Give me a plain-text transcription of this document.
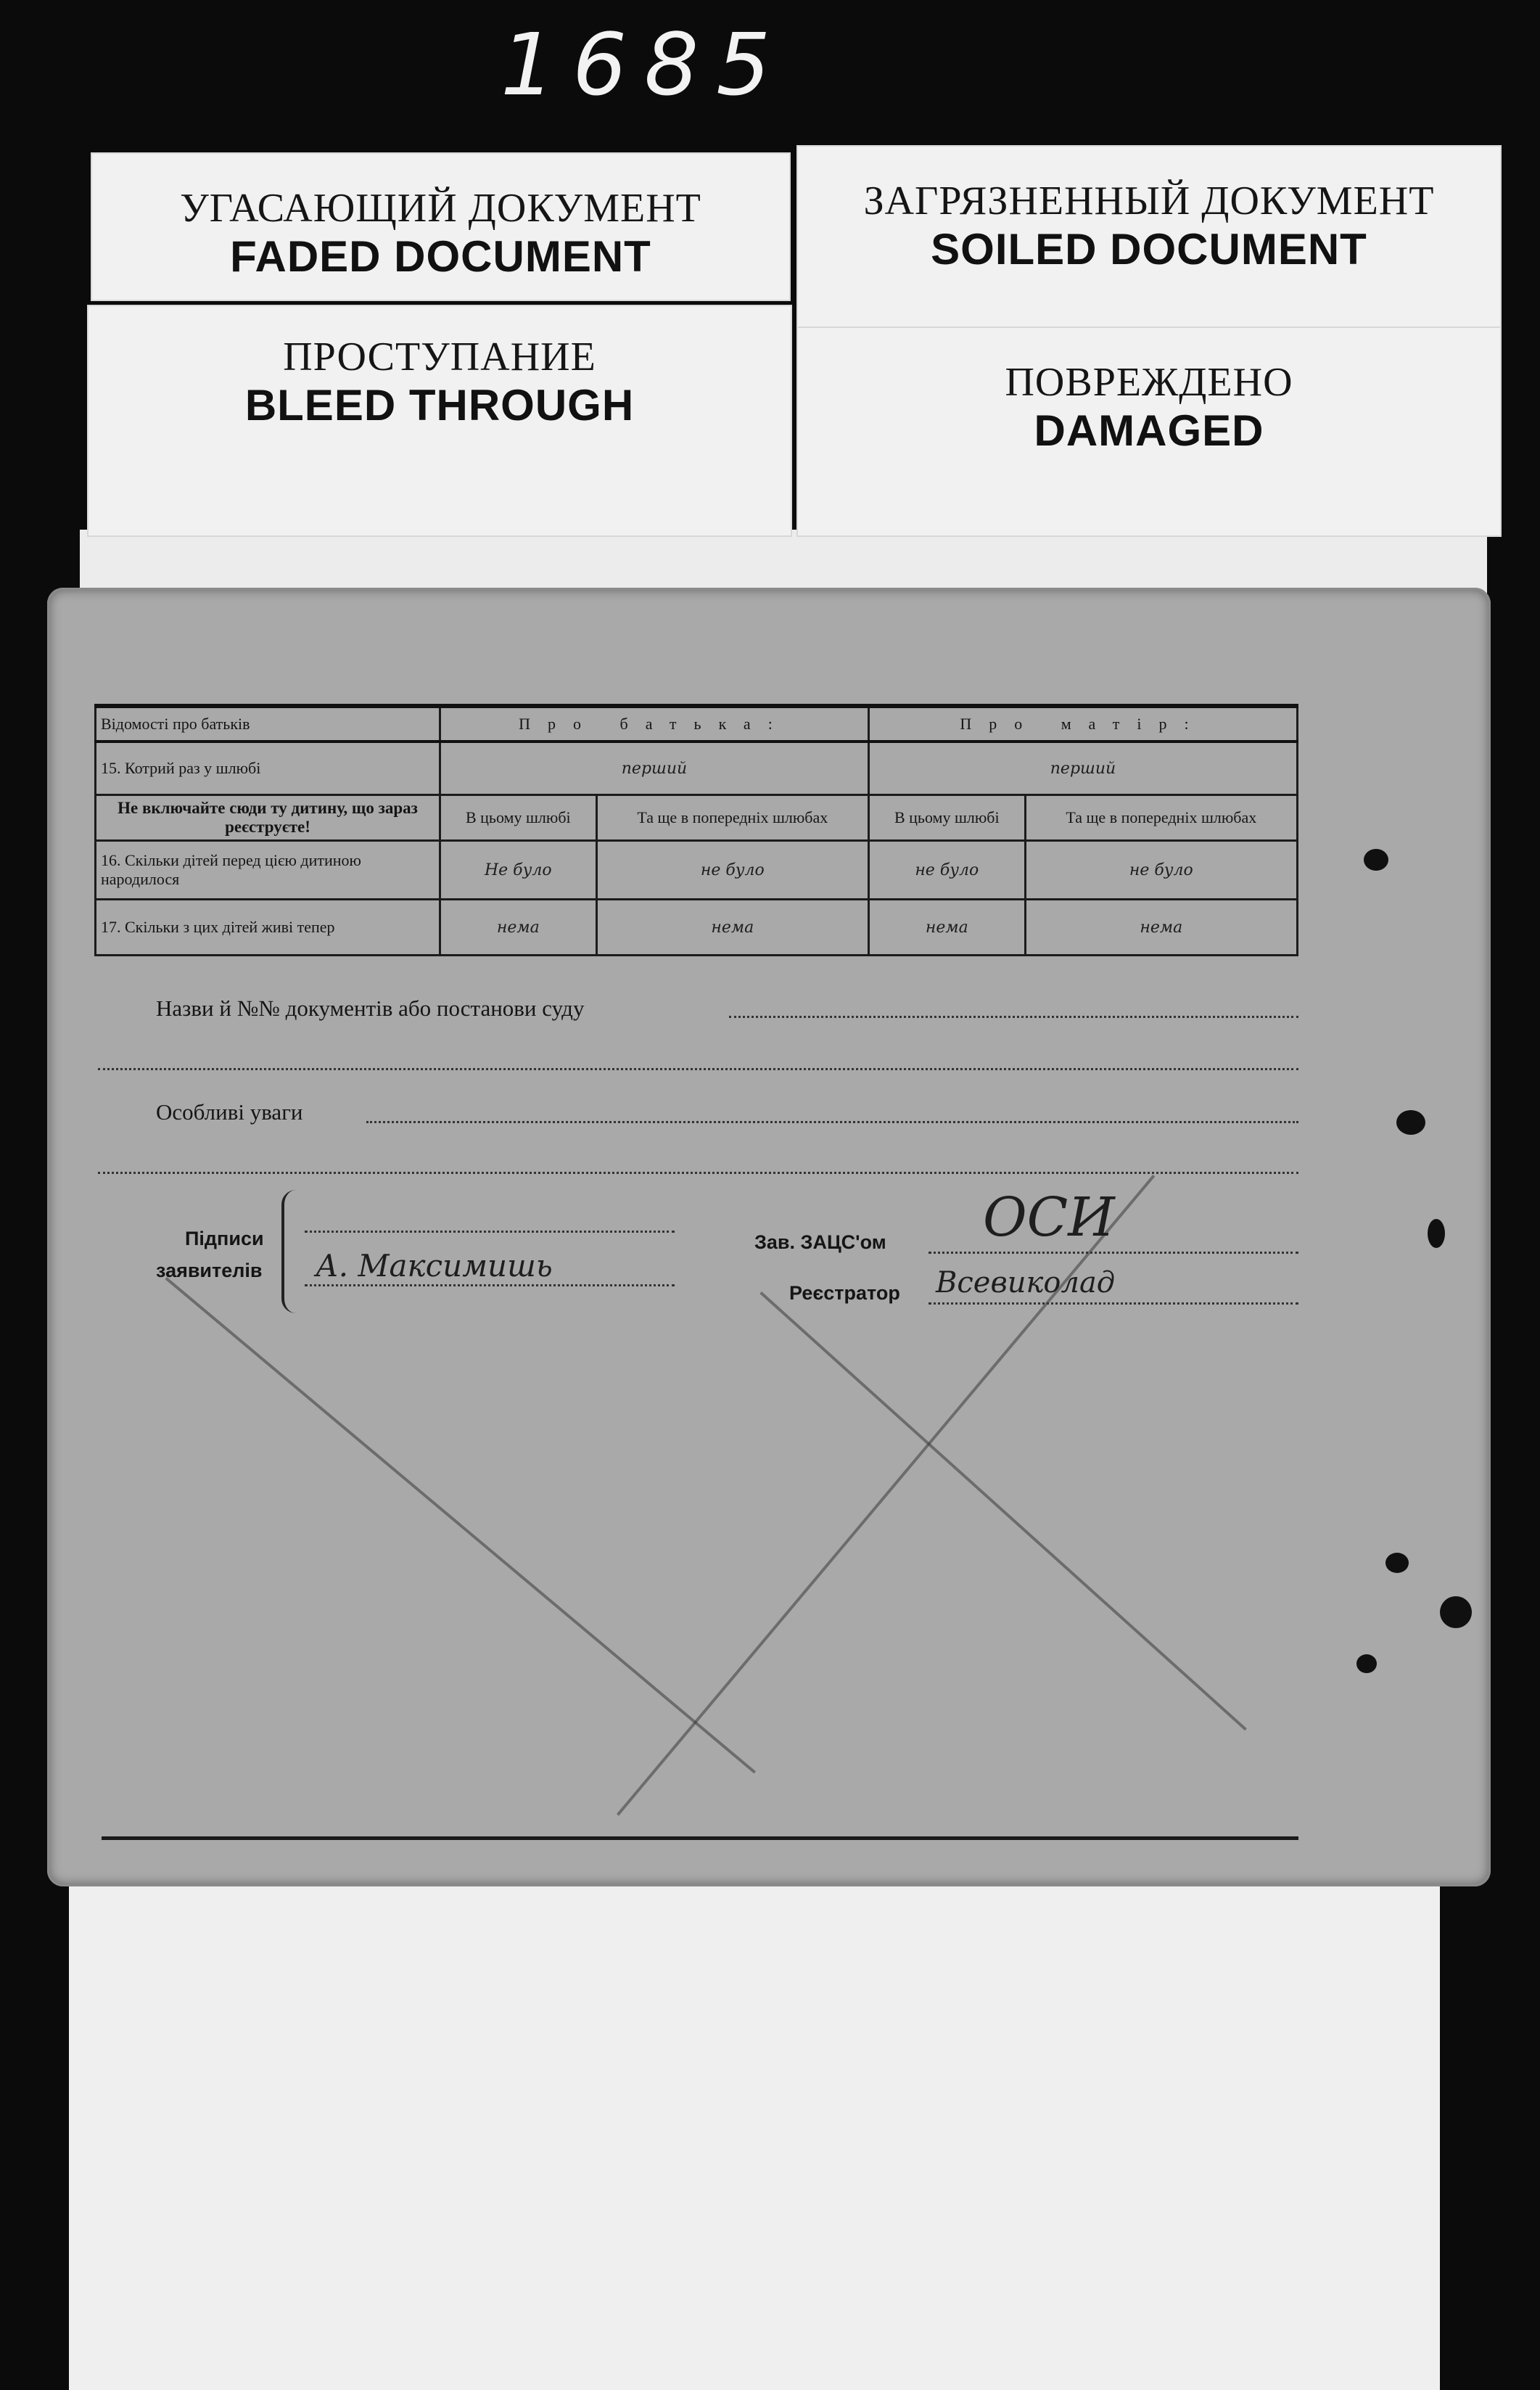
1685
УГАСАЮЩИЙ ДОКУМЕНТ
FADED DOCUMENT
ЗАГРЯЗНЕННЫЙ ДОКУМЕНТ
SOILED DOCUMENT
ПРОСТУПАНИЕ
BLEED THROUGH	ПОВРЕЖДЕНО
DAMAGED
Відомості про батьків	Про батька:		Про матір:	
15. Котрий раз у шлюбі	перший		перший	
Не включайте сюди ту дитину, що зараз реєструєте!	В цьому шлюбі	Та ще в попередніх шлюбах	В цьому шлюбі	Та ще в попередніх шлюбах
16. Скільки дітей перед цією дитиною народилося	Не було	не було	не було	не було
17. Скільки з цих дітей живі тепер	нема	нема	нема	нема
Назви й №№ документів або постанови суду
Особливі уваги
Підписи
заявителів А. Максимишь
Зав. ЗАЦС'ом ОСИ
Реєстратор Всевиколад
